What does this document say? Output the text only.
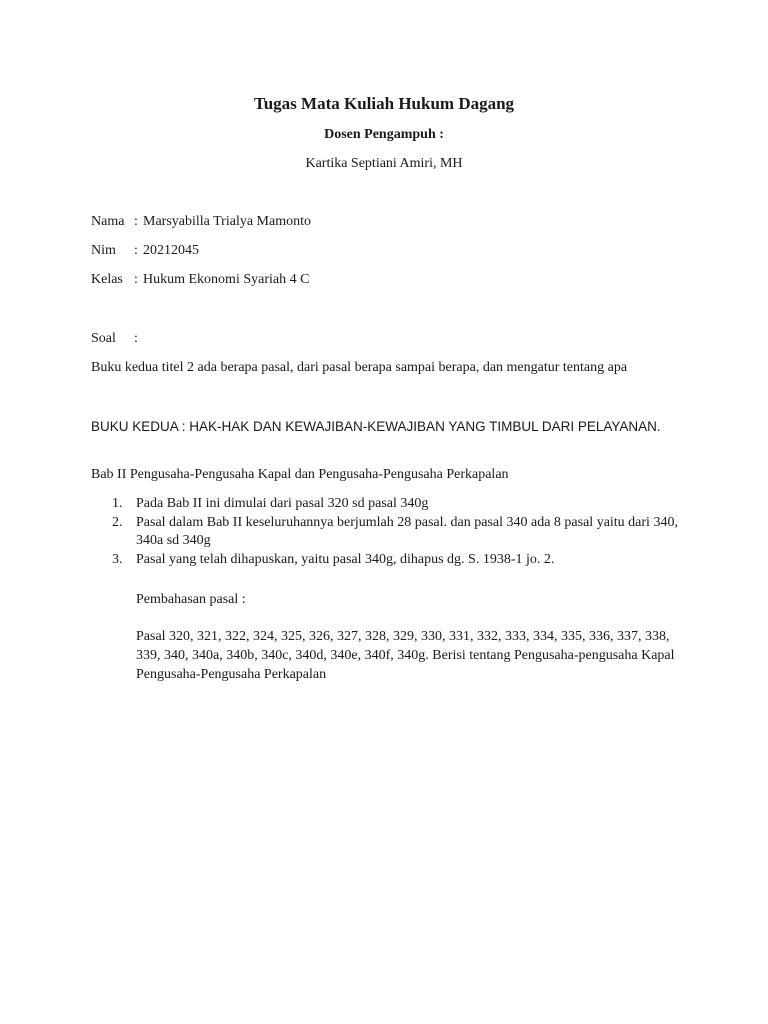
Tugas Mata Kuliah Hukum Dagang
Dosen Pengampuh :
Kartika Septiani Amiri, MH
Nama : Marsyabilla Trialya Mamonto
Nim : 20212045
Kelas : Hukum Ekonomi Syariah 4 C
Soal :
Buku kedua titel 2 ada berapa pasal, dari pasal berapa sampai berapa, dan mengatur tentang apa
BUKU KEDUA : HAK-HAK DAN KEWAJIBAN-KEWAJIBAN YANG TIMBUL DARI PELAYANAN.
Bab II Pengusaha-Pengusaha Kapal dan Pengusaha-Pengusaha Perkapalan
1. Pada Bab II ini dimulai dari pasal 320 sd pasal 340g
2. Pasal dalam Bab II keseluruhannya berjumlah 28 pasal. dan pasal 340 ada 8 pasal yaitu dari 340, 340a sd 340g
3. Pasal yang telah dihapuskan, yaitu pasal 340g, dihapus dg. S. 1938-1 jo. 2.
Pembahasan pasal :
Pasal 320, 321, 322, 324, 325, 326, 327, 328, 329, 330, 331, 332, 333, 334, 335, 336, 337, 338, 339, 340, 340a, 340b, 340c, 340d, 340e, 340f, 340g. Berisi tentang Pengusaha-pengusaha Kapal Pengusaha-Pengusaha Perkapalan
